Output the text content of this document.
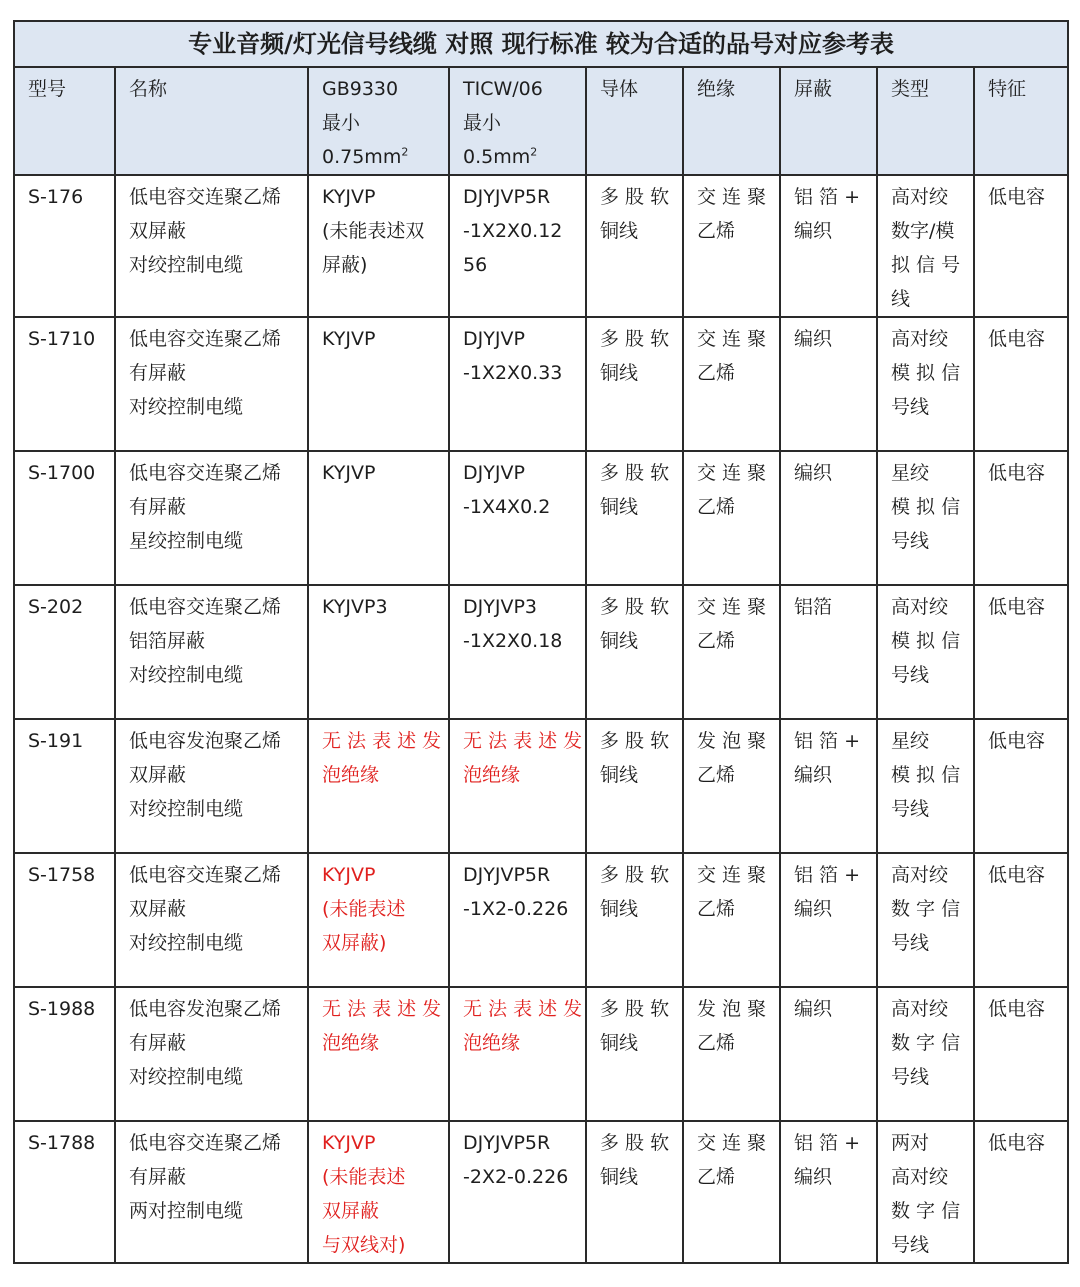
专业音频/灯光信号线缆 对照 现行标准 较为合适的品号对应参考表								

型号	名称	GB9330
最小
$0.75mm^2$	TICW/06
最小
$0.5mm^2$	导体	绝缘	屏蔽	类型	特征

S-176	低电容交连聚乙烯
双屏蔽
对绞控制电缆	KYJVP
(未能表述双
屏蔽)	DJYJVP5R
-1X2X0.12
56	多 股 软
铜线	交 连 聚
乙烯	铝 箔 +
编织	高对绞
数字/模
拟 信 号
线	低电容

S-1710	低电容交连聚乙烯
有屏蔽
对绞控制电缆	KYJVP	DJYJVP
-1X2X0.33	多 股 软
铜线	交 连 聚
乙烯	编织	高对绞
模 拟 信
号线	低电容

S-1700	低电容交连聚乙烯
有屏蔽
星绞控制电缆	KYJVP	DJYJVP
-1X4X0.2	多 股 软
铜线	交 连 聚
乙烯	编织	星绞
模 拟 信
号线	低电容

S-202	低电容交连聚乙烯
铝箔屏蔽
对绞控制电缆	KYJVP3	DJYJVP3
-1X2X0.18	多 股 软
铜线	交 连 聚
乙烯	铝箔	高对绞
模 拟 信
号线	低电容

S-191	低电容发泡聚乙烯
双屏蔽
对绞控制电缆	无 法 表 述 发
泡绝缘	无 法 表 述 发
泡绝缘	多 股 软
铜线	发 泡 聚
乙烯	铝 箔 +
编织	星绞
模 拟 信
号线	低电容

S-1758	低电容交连聚乙烯
双屏蔽
对绞控制电缆	KYJVP
(未能表述
双屏蔽)	DJYJVP5R
-1X2-0.226	多 股 软
铜线	交 连 聚
乙烯	铝 箔 +
编织	高对绞
数 字 信
号线	低电容

S-1988	低电容发泡聚乙烯
有屏蔽
对绞控制电缆	无 法 表 述 发
泡绝缘	无 法 表 述 发
泡绝缘	多 股 软
铜线	发 泡 聚
乙烯	编织	高对绞
数 字 信
号线	低电容

S-1788	低电容交连聚乙烯
有屏蔽
两对控制电缆	KYJVP
(未能表述
双屏蔽
与双线对)	DJYJVP5R
-2X2-0.226	多 股 软
铜线	交 连 聚
乙烯	铝 箔 +
编织	两对
高对绞
数 字 信
号线	低电容
